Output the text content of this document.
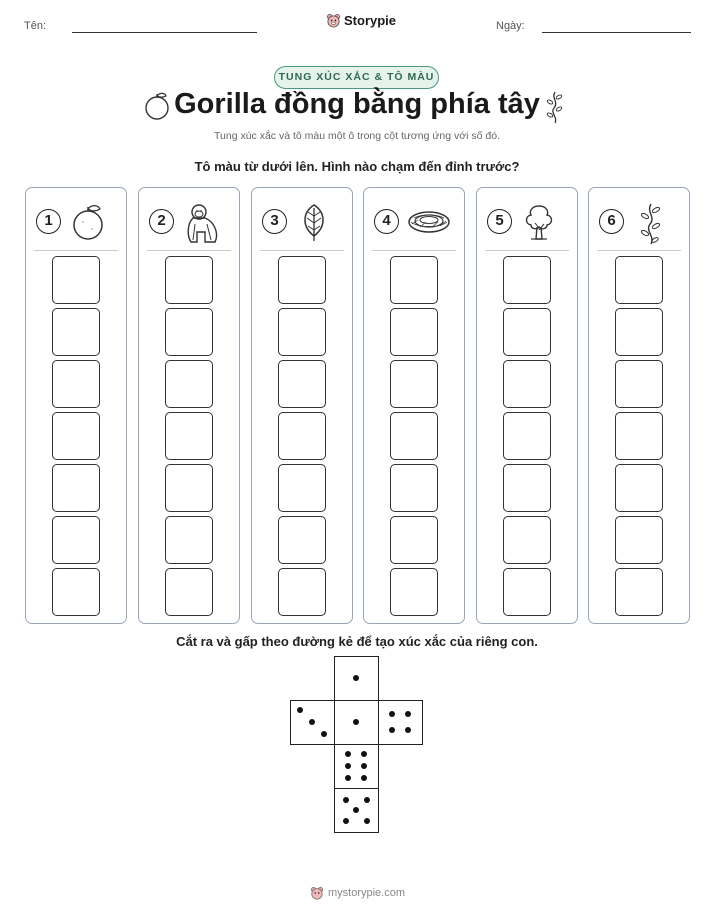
Tên:	Storypie	Ngày:
TUNG XÚC XẮC & TÔ MÀU
Gorilla đồng bằng phía tây
Tung xúc xắc và tô màu một ô trong cột tương ứng với số đó.
Tô màu từ dưới lên. Hình nào chạm đến đỉnh trước?
1	2	3	4	5	6
Cắt ra và gấp theo đường kẻ để tạo xúc xắc của riêng con.
mystorypie.com
